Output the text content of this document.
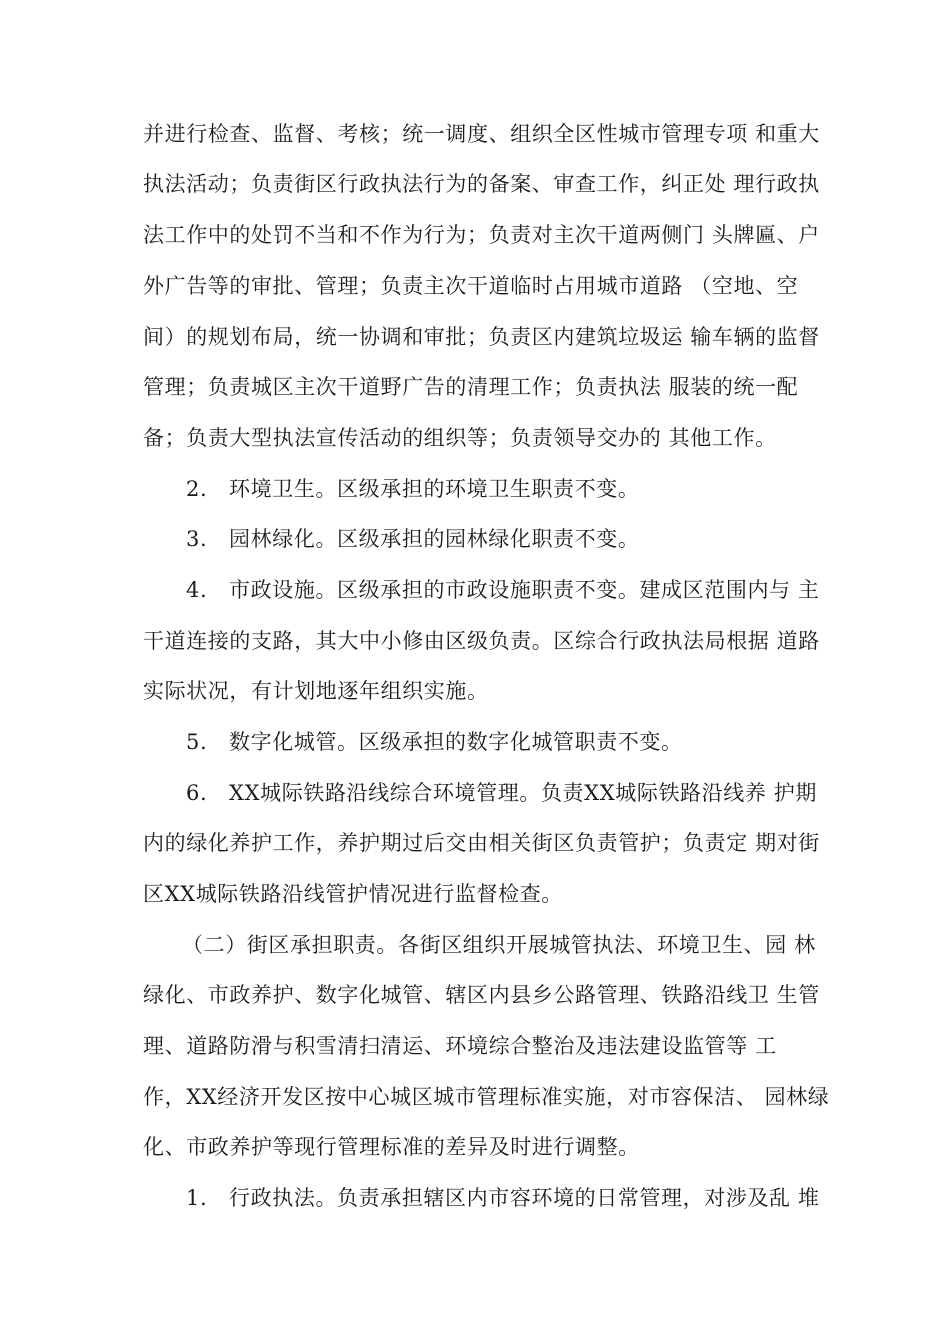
并进行检查、监督、考核；统一调度、组织全区性城市管理专项 和重大
执法活动；负责街区行政执法行为的备案、审查工作，纠正处 理行政执
法工作中的处罚不当和不作为行为；负责对主次干道两侧门 头牌匾、户
外广告等的审批、管理；负责主次干道临时占用城市道路 （空地、空
间）的规划布局，统一协调和审批；负责区内建筑垃圾运 输车辆的监督
管理；负责城区主次干道野广告的清理工作；负责执法 服装的统一配
备；负责大型执法宣传活动的组织等；负责领导交办的 其他工作。
2.   环境卫生。区级承担的环境卫生职责不变。
3.   园林绿化。区级承担的园林绿化职责不变。
4.   市政设施。区级承担的市政设施职责不变。建成区范围内与 主
干道连接的支路，其大中小修由区级负责。区综合行政执法局根据 道路
实际状况，有计划地逐年组织实施。
5.   数字化城管。区级承担的数字化城管职责不变。
6.   XX城际铁路沿线综合环境管理。负责XX城际铁路沿线养 护期
内的绿化养护工作，养护期过后交由相关街区负责管护；负责定 期对街
区XX城际铁路沿线管护情况进行监督检查。
（二）街区承担职责。各街区组织开展城管执法、环境卫生、园 林
绿化、市政养护、数字化城管、辖区内县乡公路管理、铁路沿线卫 生管
理、道路防滑与积雪清扫清运、环境综合整治及违法建设监管等 工
作，XX经济开发区按中心城区城市管理标准实施，对市容保洁、 园林绿
化、市政养护等现行管理标准的差异及时进行调整。
1.   行政执法。负责承担辖区内市容环境的日常管理，对涉及乱 堆
